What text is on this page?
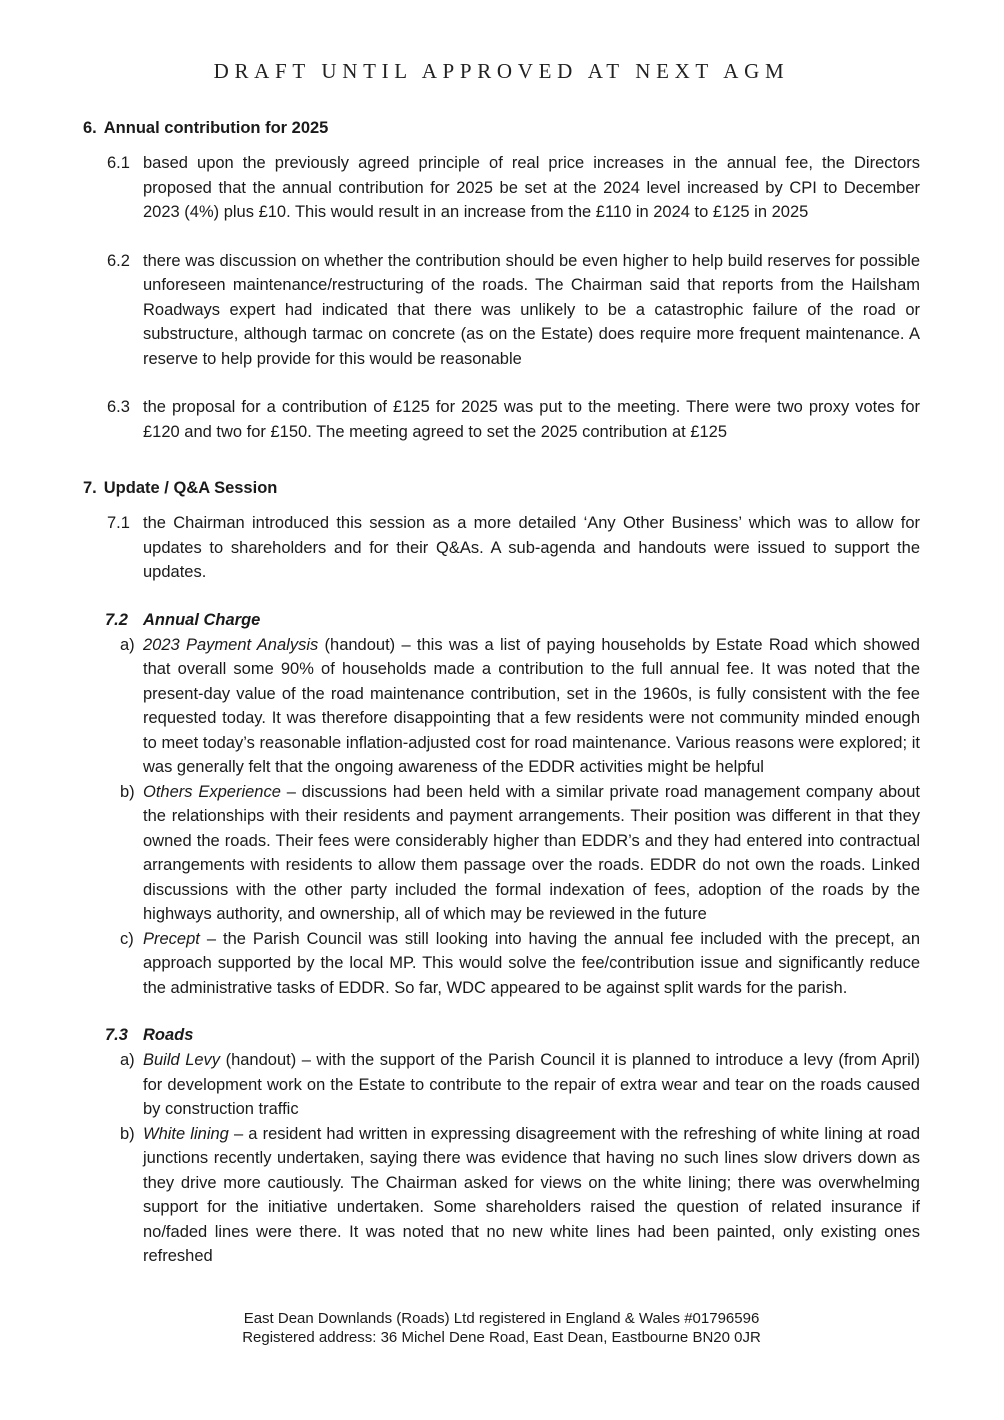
DRAFT UNTIL APPROVED AT NEXT AGM
6. Annual contribution for 2025
6.1 based upon the previously agreed principle of real price increases in the annual fee, the Directors proposed that the annual contribution for 2025 be set at the 2024 level increased by CPI to December 2023 (4%) plus £10. This would result in an increase from the £110 in 2024 to £125 in 2025

6.2 there was discussion on whether the contribution should be even higher to help build reserves for possible unforeseen maintenance/restructuring of the roads. The Chairman said that reports from the Hailsham Roadways expert had indicated that there was unlikely to be a catastrophic failure of the road or substructure, although tarmac on concrete (as on the Estate) does require more frequent maintenance. A reserve to help provide for this would be reasonable

6.3 the proposal for a contribution of £125 for 2025 was put to the meeting. There were two proxy votes for £120 and two for £150. The meeting agreed to set the 2025 contribution at £125

7. Update / Q&A Session
7.1 the Chairman introduced this session as a more detailed ‘Any Other Business’ which was to allow for updates to shareholders and for their Q&As. A sub-agenda and handouts were issued to support the updates.

7.2 Annual Charge
a) 2023 Payment Analysis (handout) – this was a list of paying households by Estate Road which showed that overall some 90% of households made a contribution to the full annual fee. It was noted that the present-day value of the road maintenance contribution, set in the 1960s, is fully consistent with the fee requested today. It was therefore disappointing that a few residents were not community minded enough to meet today’s reasonable inflation-adjusted cost for road maintenance. Various reasons were explored; it was generally felt that the ongoing awareness of the EDDR activities might be helpful

b) Others Experience – discussions had been held with a similar private road management company about the relationships with their residents and payment arrangements. Their position was different in that they owned the roads. Their fees were considerably higher than EDDR’s and they had entered into contractual arrangements with residents to allow them passage over the roads. EDDR do not own the roads. Linked discussions with the other party included the formal indexation of fees, adoption of the roads by the highways authority, and ownership, all of which may be reviewed in the future

c) Precept – the Parish Council was still looking into having the annual fee included with the precept, an approach supported by the local MP. This would solve the fee/contribution issue and significantly reduce the administrative tasks of EDDR. So far, WDC appeared to be against split wards for the parish.

7.3 Roads
a) Build Levy (handout) – with the support of the Parish Council it is planned to introduce a levy (from April) for development work on the Estate to contribute to the repair of extra wear and tear on the roads caused by construction traffic

b) White lining – a resident had written in expressing disagreement with the refreshing of white lining at road junctions recently undertaken, saying there was evidence that having no such lines slow drivers down as they drive more cautiously. The Chairman asked for views on the white lining; there was overwhelming support for the initiative undertaken. Some shareholders raised the question of related insurance if no/faded lines were there. It was noted that no new white lines had been painted, only existing ones refreshed

East Dean Downlands (Roads) Ltd registered in England & Wales #01796596
Registered address: 36 Michel Dene Road, East Dean, Eastbourne BN20 0JR
